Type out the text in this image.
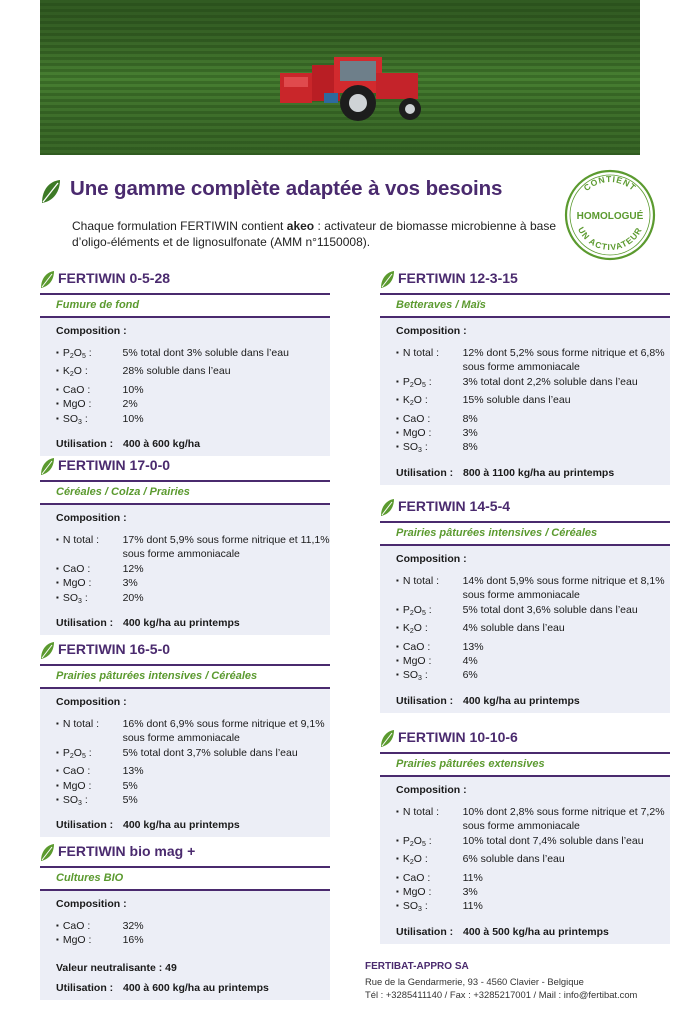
Une gamme complète adaptée à vos besoins

Chaque formulation FERTIWIN contient akeo : activateur de biomasse microbienne à base d’oligo-éléments et de lignosulfonate (AMM n°1150008).

CONTIENT
UN ACTIVATEUR
HOMOLOGUÉ
FERTIWIN 0-5-28
Fumure de fond
Composition :
▪ $P_2O_5$ :	5% total dont 3% soluble dans l’eau
▪ $K_2O$ :	28% soluble dans l’eau
▪ CaO :	10%
▪ MgO :	2%
▪ $SO_3$ :	10%
Utilisation : 400 à 600 kg/ha
FERTIWIN 17-0-0
Céréales / Colza / Prairies
Composition :
▪ N total :	17% dont 5,9% sous forme nitrique et 11,1% sous forme ammoniacale
▪ CaO :	12%
▪ MgO :	3%
▪ $SO_3$ :	20%
Utilisation : 400 kg/ha au printemps
FERTIWIN 16-5-0
Prairies pâturées intensives / Céréales
Composition :
▪ N total :	16% dont 6,9% sous forme nitrique et 9,1% sous forme ammoniacale
▪ $P_2O_5$ :	5% total dont 3,7% soluble dans l’eau
▪ CaO :	13%
▪ MgO :	5%
▪ $SO_3$ :	5%
Utilisation : 400 kg/ha au printemps
FERTIWIN bio mag +
Cultures BIO
Composition :
▪ CaO :	32%
▪ MgO :	16%
Valeur neutralisante : 49
Utilisation : 400 à 600 kg/ha au printemps
FERTIWIN 12-3-15
Betteraves / Maïs
Composition :
▪ N total :	12% dont 5,2% sous forme nitrique et 6,8% sous forme ammoniacale
▪ $P_2O_5$ :	3% total dont 2,2% soluble dans l’eau
▪ $K_2O$ :	15% soluble dans l’eau
▪ CaO :	8%
▪ MgO :	3%
▪ $SO_3$ :	8%
Utilisation : 800 à 1100 kg/ha au printemps
FERTIWIN 14-5-4
Prairies pâturées intensives / Céréales
Composition :
▪ N total :	14% dont 5,9% sous forme nitrique et 8,1% sous forme ammoniacale
▪ $P_2O_5$ :	5% total dont 3,6% soluble dans l’eau
▪ $K_2O$ :	4% soluble dans l’eau
▪ CaO :	13%
▪ MgO :	4%
▪ $SO_3$ :	6%
Utilisation : 400 kg/ha au printemps
FERTIWIN 10-10-6
Prairies pâturées extensives
Composition :
▪ N total :	10% dont 2,8% sous forme nitrique et 7,2% sous forme ammoniacale
▪ $P_2O_5$ :	10% total dont 7,4% soluble dans l’eau
▪ $K_2O$ :	6% soluble dans l’eau
▪ CaO :	11%
▪ MgO :	3%
▪ $SO_3$ :	11%
Utilisation : 400 à 500 kg/ha au printemps
FERTIBAT-APPRO SA
Rue de la Gendarmerie, 93 - 4560 Clavier - Belgique
Tél : +3285411140 / Fax : +3285217001 / Mail : info@fertibat.com
